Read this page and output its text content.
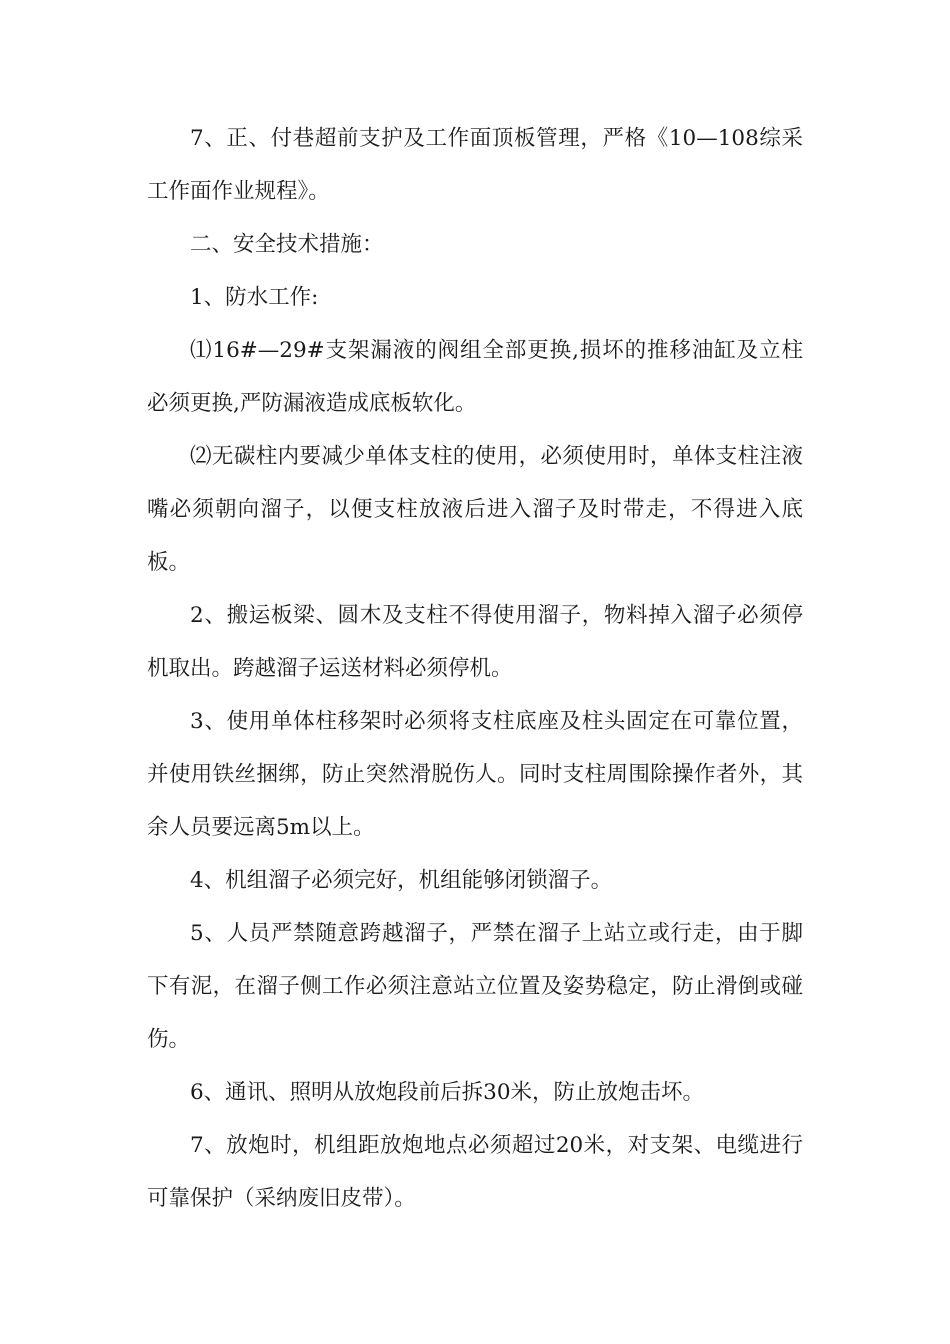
7、正、付巷超前支护及工作面顶板管理，严格《10—108综采工作面作业规程》。

二、安全技术措施：

1、防水工作:

⑴16#—29#支架漏液的阀组全部更换,损坏的推移油缸及立柱必须更换,严防漏液造成底板软化。

⑵无碳柱内要减少单体支柱的使用，必须使用时，单体支柱注液嘴必须朝向溜子，以便支柱放液后进入溜子及时带走，不得进入底板。

2、搬运板梁、圆木及支柱不得使用溜子，物料掉入溜子必须停机取出。跨越溜子运送材料必须停机。

3、使用单体柱移架时必须将支柱底座及柱头固定在可靠位置，并使用铁丝捆绑，防止突然滑脱伤人。同时支柱周围除操作者外，其余人员要远离5m以上。

4、机组溜子必须完好，机组能够闭锁溜子。

5、人员严禁随意跨越溜子，严禁在溜子上站立或行走，由于脚下有泥，在溜子侧工作必须注意站立位置及姿势稳定，防止滑倒或碰伤。

6、通讯、照明从放炮段前后拆30米，防止放炮击坏。

7、放炮时，机组距放炮地点必须超过20米，对支架、电缆进行可靠保护（采纳废旧皮带）。
